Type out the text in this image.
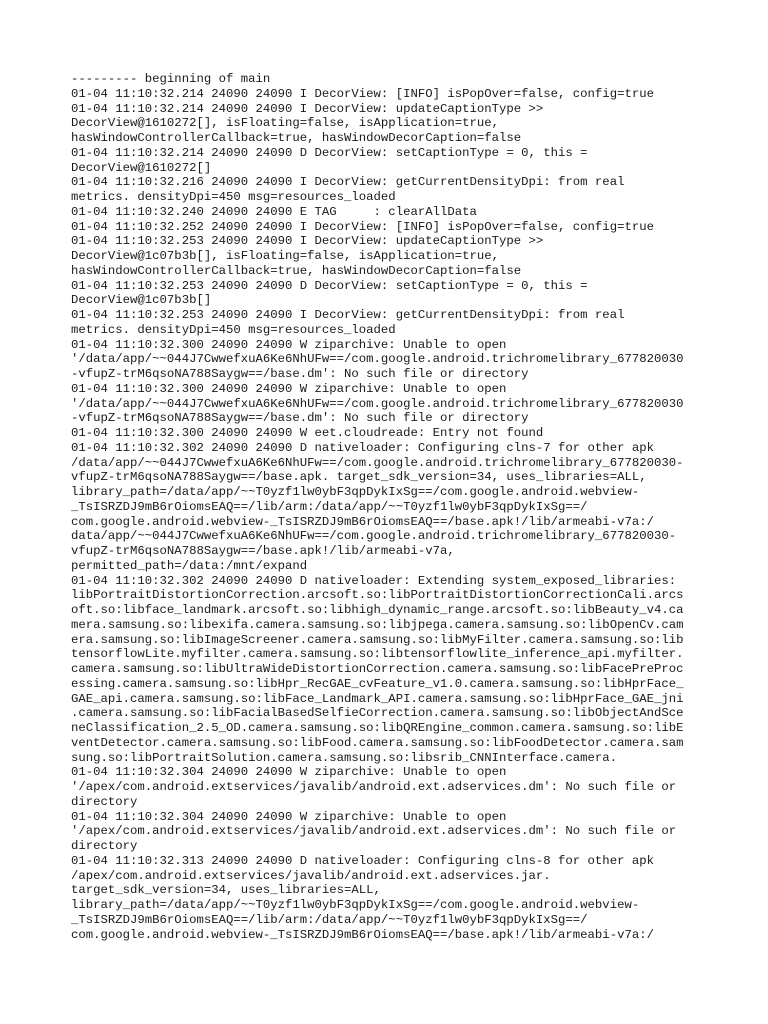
--------- beginning of main
01-04 11:10:32.214 24090 24090 I DecorView: [INFO] isPopOver=false, config=true
01-04 11:10:32.214 24090 24090 I DecorView: updateCaptionType >>
DecorView@1610272[], isFloating=false, isApplication=true,
hasWindowControllerCallback=true, hasWindowDecorCaption=false
01-04 11:10:32.214 24090 24090 D DecorView: setCaptionType = 0, this =
DecorView@1610272[]
01-04 11:10:32.216 24090 24090 I DecorView: getCurrentDensityDpi: from real
metrics. densityDpi=450 msg=resources_loaded
01-04 11:10:32.240 24090 24090 E TAG     : clearAllData
01-04 11:10:32.252 24090 24090 I DecorView: [INFO] isPopOver=false, config=true
01-04 11:10:32.253 24090 24090 I DecorView: updateCaptionType >>
DecorView@1c07b3b[], isFloating=false, isApplication=true,
hasWindowControllerCallback=true, hasWindowDecorCaption=false
01-04 11:10:32.253 24090 24090 D DecorView: setCaptionType = 0, this =
DecorView@1c07b3b[]
01-04 11:10:32.253 24090 24090 I DecorView: getCurrentDensityDpi: from real
metrics. densityDpi=450 msg=resources_loaded
01-04 11:10:32.300 24090 24090 W ziparchive: Unable to open
'/data/app/~~044J7CwwefxuA6Ke6NhUFw==/com.google.android.trichromelibrary_677820030
-vfupZ-trM6qsoNA788Saygw==/base.dm': No such file or directory
01-04 11:10:32.300 24090 24090 W ziparchive: Unable to open
'/data/app/~~044J7CwwefxuA6Ke6NhUFw==/com.google.android.trichromelibrary_677820030
-vfupZ-trM6qsoNA788Saygw==/base.dm': No such file or directory
01-04 11:10:32.300 24090 24090 W eet.cloudreade: Entry not found
01-04 11:10:32.302 24090 24090 D nativeloader: Configuring clns-7 for other apk
/data/app/~~044J7CwwefxuA6Ke6NhUFw==/com.google.android.trichromelibrary_677820030-
vfupZ-trM6qsoNA788Saygw==/base.apk. target_sdk_version=34, uses_libraries=ALL,
library_path=/data/app/~~T0yzf1lw0ybF3qpDykIxSg==/com.google.android.webview-
_TsISRZDJ9mB6rOiomsEAQ==/lib/arm:/data/app/~~T0yzf1lw0ybF3qpDykIxSg==/
com.google.android.webview-_TsISRZDJ9mB6rOiomsEAQ==/base.apk!/lib/armeabi-v7a:/
data/app/~~044J7CwwefxuA6Ke6NhUFw==/com.google.android.trichromelibrary_677820030-
vfupZ-trM6qsoNA788Saygw==/base.apk!/lib/armeabi-v7a,
permitted_path=/data:/mnt/expand
01-04 11:10:32.302 24090 24090 D nativeloader: Extending system_exposed_libraries:
libPortraitDistortionCorrection.arcsoft.so:libPortraitDistortionCorrectionCali.arcs
oft.so:libface_landmark.arcsoft.so:libhigh_dynamic_range.arcsoft.so:libBeauty_v4.ca
mera.samsung.so:libexifa.camera.samsung.so:libjpega.camera.samsung.so:libOpenCv.cam
era.samsung.so:libImageScreener.camera.samsung.so:libMyFilter.camera.samsung.so:lib
tensorflowLite.myfilter.camera.samsung.so:libtensorflowlite_inference_api.myfilter.
camera.samsung.so:libUltraWideDistortionCorrection.camera.samsung.so:libFacePreProc
essing.camera.samsung.so:libHpr_RecGAE_cvFeature_v1.0.camera.samsung.so:libHprFace_
GAE_api.camera.samsung.so:libFace_Landmark_API.camera.samsung.so:libHprFace_GAE_jni
.camera.samsung.so:libFacialBasedSelfieCorrection.camera.samsung.so:libObjectAndSce
neClassification_2.5_OD.camera.samsung.so:libQREngine_common.camera.samsung.so:libE
ventDetector.camera.samsung.so:libFood.camera.samsung.so:libFoodDetector.camera.sam
sung.so:libPortraitSolution.camera.samsung.so:libsrib_CNNInterface.camera.
01-04 11:10:32.304 24090 24090 W ziparchive: Unable to open
'/apex/com.android.extservices/javalib/android.ext.adservices.dm': No such file or
directory
01-04 11:10:32.304 24090 24090 W ziparchive: Unable to open
'/apex/com.android.extservices/javalib/android.ext.adservices.dm': No such file or
directory
01-04 11:10:32.313 24090 24090 D nativeloader: Configuring clns-8 for other apk
/apex/com.android.extservices/javalib/android.ext.adservices.jar.
target_sdk_version=34, uses_libraries=ALL,
library_path=/data/app/~~T0yzf1lw0ybF3qpDykIxSg==/com.google.android.webview-
_TsISRZDJ9mB6rOiomsEAQ==/lib/arm:/data/app/~~T0yzf1lw0ybF3qpDykIxSg==/
com.google.android.webview-_TsISRZDJ9mB6rOiomsEAQ==/base.apk!/lib/armeabi-v7a:/
